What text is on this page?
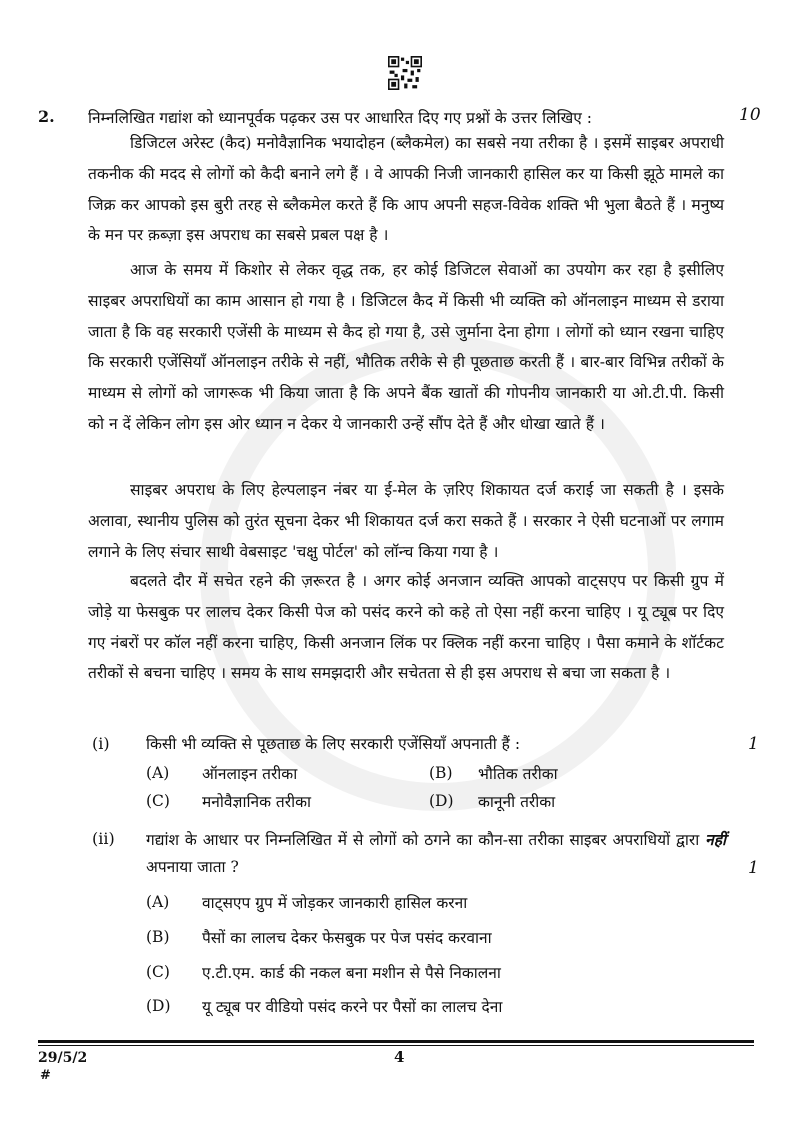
2. निम्नलिखित गद्यांश को ध्यानपूर्वक पढ़कर उस पर आधारित दिए गए प्रश्नों के उत्तर लिखिए :	10
डिजिटल अरेस्ट (कैद) मनोवैज्ञानिक भयादोहन (ब्लैकमेल) का सबसे नया तरीका है । इसमें साइबर अपराधी तकनीक की मदद से लोगों को कैदी बनाने लगे हैं । वे आपकी निजी जानकारी हासिल कर या किसी झूठे मामले का जिक्र कर आपको इस बुरी तरह से ब्लैकमेल करते हैं कि आप अपनी सहज-विवेक शक्ति भी भुला बैठते हैं । मनुष्य के मन पर क़ब्ज़ा इस अपराध का सबसे प्रबल पक्ष है ।
आज के समय में किशोर से लेकर वृद्ध तक, हर कोई डिजिटल सेवाओं का उपयोग कर रहा है इसीलिए साइबर अपराधियों का काम आसान हो गया है । डिजिटल कैद में किसी भी व्यक्ति को ऑनलाइन माध्यम से डराया जाता है कि वह सरकारी एजेंसी के माध्यम से कैद हो गया है, उसे जुर्माना देना होगा । लोगों को ध्यान रखना चाहिए कि सरकारी एजेंसियाँ ऑनलाइन तरीके से नहीं, भौतिक तरीके से ही पूछताछ करती हैं । बार-बार विभिन्न तरीकों के माध्यम से लोगों को जागरूक भी किया जाता है कि अपने बैंक खातों की गोपनीय जानकारी या ओ.टी.पी. किसी को न दें लेकिन लोग इस ओर ध्यान न देकर ये जानकारी उन्हें सौंप देते हैं और धोखा खाते हैं ।
साइबर अपराध के लिए हेल्पलाइन नंबर या ई-मेल के ज़रिए शिकायत दर्ज कराई जा सकती है । इसके अलावा, स्थानीय पुलिस को तुरंत सूचना देकर भी शिकायत दर्ज करा सकते हैं । सरकार ने ऐसी घटनाओं पर लगाम लगाने के लिए संचार साथी वेबसाइट 'चक्षु पोर्टल' को लॉन्च किया गया है ।
बदलते दौर में सचेत रहने की ज़रूरत है । अगर कोई अनजान व्यक्ति आपको वाट्सएप पर किसी ग्रुप में जोड़े या फेसबुक पर लालच देकर किसी पेज को पसंद करने को कहे तो ऐसा नहीं करना चाहिए । यू ट्यूब पर दिए गए नंबरों पर कॉल नहीं करना चाहिए, किसी अनजान लिंक पर क्लिक नहीं करना चाहिए । पैसा कमाने के शॉर्टकट तरीकों से बचना चाहिए । समय के साथ समझदारी और सचेतता से ही इस अपराध से बचा जा सकता है ।
(i) किसी भी व्यक्ति से पूछताछ के लिए सरकारी एजेंसियाँ अपनाती हैं :	1
(A) ऑनलाइन तरीका	(B) भौतिक तरीका
(C) मनोवैज्ञानिक तरीका	(D) कानूनी तरीका
(ii) गद्यांश के आधार पर निम्नलिखित में से लोगों को ठगने का कौन-सा तरीका साइबर अपराधियों द्वारा नहीं अपनाया जाता ?	1
(A) वाट्सएप ग्रुप में जोड़कर जानकारी हासिल करना
(B) पैसों का लालच देकर फेसबुक पर पेज पसंद करवाना
(C) ए.टी.एम. कार्ड की नकल बना मशीन से पैसे निकालना
(D) यू ट्यूब पर वीडियो पसंद करने पर पैसों का लालच देना
29/5/2
#
4
